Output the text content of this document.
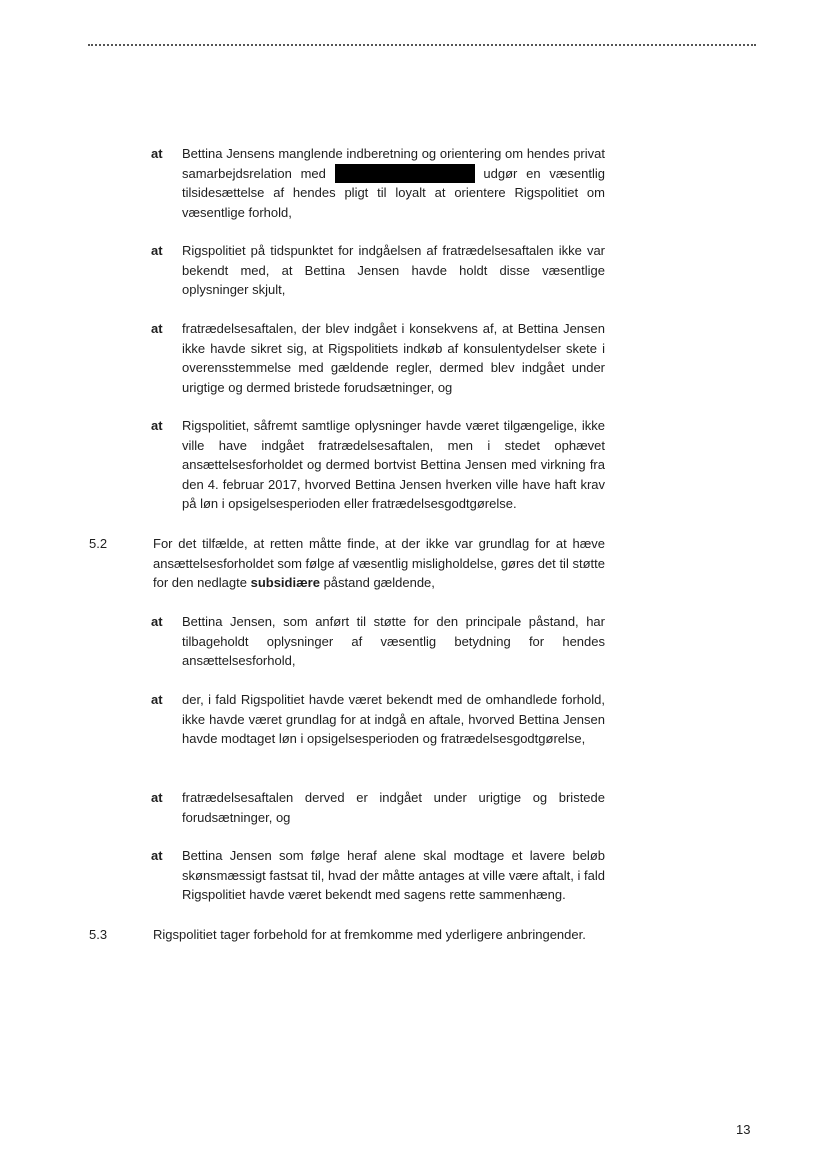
at Bettina Jensens manglende indberetning og orientering om hendes privat samarbejdsrelation med	udgør en væsentlig tilsidesættelse af hendes pligt til loyalt at orientere Rigspolitiet om væsentlige forhold,
at Rigspolitiet på tidspunktet for indgåelsen af fratrædelsesaftalen ikke var bekendt med, at Bettina Jensen havde holdt disse væsentlige oplysninger skjult,
at fratrædelsesaftalen, der blev indgået i konsekvens af, at Bettina Jensen ikke havde sikret sig, at Rigspolitiets indkøb af konsulentydelser skete i overensstemmelse med gældende regler, dermed blev indgået under urigtige og dermed bristede forudsætninger, og
at Rigspolitiet, såfremt samtlige oplysninger havde været tilgængelige, ikke ville have indgået fratrædelsesaftalen, men i stedet ophævet ansættelsesforholdet og dermed bortvist Bettina Jensen med virkning fra den 4. februar 2017, hvorved Bettina Jensen hverken ville have haft krav på løn i opsigelsesperioden eller fratrædelsesgodtgørelse.
5.2	For det tilfælde, at retten måtte finde, at der ikke var grundlag for at hæve ansættelsesforholdet som følge af væsentlig misligholdelse, gøres det til støtte for den nedlagte subsidiære påstand gældende,
at Bettina Jensen, som anført til støtte for den principale påstand, har tilbageholdt oplysninger af væsentlig betydning for hendes ansættelsesforhold,
at der, i fald Rigspolitiet havde været bekendt med de omhandlede forhold, ikke havde været grundlag for at indgå en aftale, hvorved Bettina Jensen havde modtaget løn i opsigelsesperioden og fratrædelsesgodtgørelse,
at fratrædelsesaftalen derved er indgået under urigtige og bristede forudsætninger, og
at Bettina Jensen som følge heraf alene skal modtage et lavere beløb skønsmæssigt fastsat til, hvad der måtte antages at ville være aftalt, i fald Rigspolitiet havde været bekendt med sagens rette sammenhæng.
5.3	Rigspolitiet tager forbehold for at fremkomme med yderligere anbringender.
13
